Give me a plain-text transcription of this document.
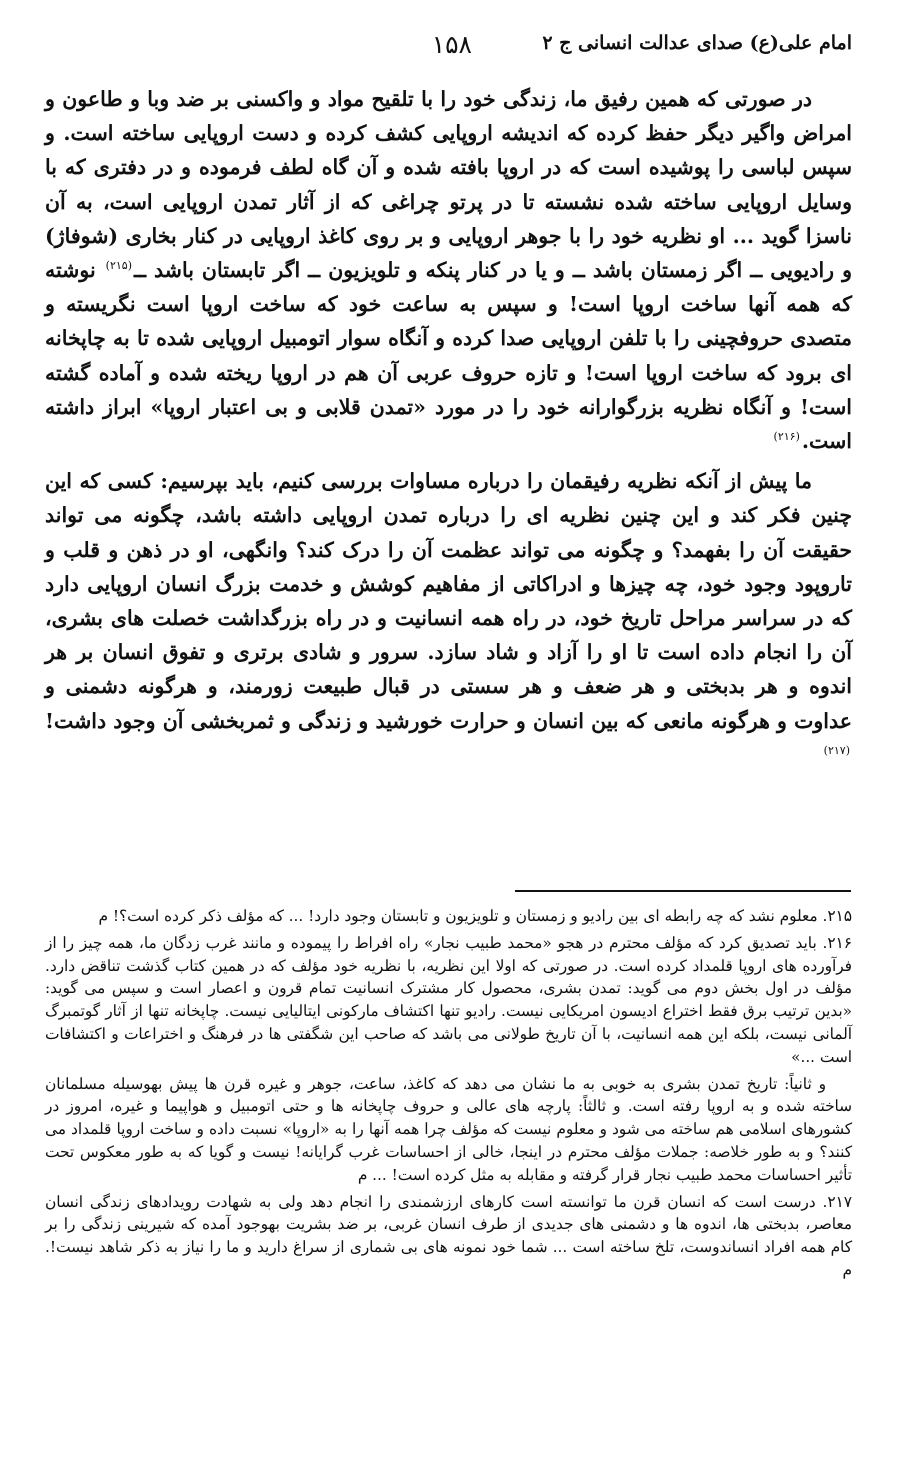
امام علی(ع) صدای عدالت انسانی ج ۲
۱۵۸

در صورتی که همین رفیق ما، زندگی خود را با تلقیح مواد و واکسنی بر ضد وبا و طاعون و امراض واگیر دیگر حفظ کرده که اندیشه اروپایی کشف کرده و دست اروپایی ساخته است. و سپس لباسی را پوشیده است که در اروپا بافته شده و آن گاه لطف فرموده و در دفتری که با وسایل اروپایی ساخته شده نشسته تا در پرتو چراغی که از آثار تمدن اروپایی است، به آن ناسزا گوید ... او نظریه خود را با جوهر اروپایی و بر روی کاغذ اروپایی در کنار بخاری (شوفاژ) و رادیویی ــ اگر زمستان باشد ــ و یا در کنار پنکه و تلویزیون ــ اگر تابستان باشد ــ$^{(۲۱۵)}$ نوشته که همه آنها ساخت اروپا است! و سپس به ساعت خود که ساخت اروپا است نگریسته و متصدی حروفچینی را با تلفن اروپایی صدا کرده و آنگاه سوار اتومبیل اروپایی شده تا به چاپخانه ای برود که ساخت اروپا است! و تازه حروف عربی آن هم در اروپا ریخته شده و آماده گشته است! و آنگاه نظریه بزرگوارانه خود را در مورد «تمدن قلابی و بی اعتبار اروپا» ابراز داشته است.$^{(۲۱۶)}$

ما پیش از آنکه نظریه رفیقمان را درباره مساوات بررسی کنیم، باید بپرسیم: کسی که این چنین فکر کند و این چنین نظریه ای را درباره تمدن اروپایی داشته باشد، چگونه می تواند حقیقت آن را بفهمد؟ و چگونه می تواند عظمت آن را درک کند؟ وانگهی، او در ذهن و قلب و تاروپود وجود خود، چه چیزها و ادراکاتی از مفاهیم کوشش و خدمت بزرگ انسان اروپایی دارد که در سراسر مراحل تاریخ خود، در راه همه انسانیت و در راه بزرگداشت خصلت های بشری، آن را انجام داده است تا او را آزاد و شاد سازد. سرور و شادی برتری و تفوق انسان بر هر اندوه و هر بدبختی و هر ضعف و هر سستی در قبال طبیعت زورمند، و هرگونه دشمنی و عداوت و هرگونه مانعی که بین انسان و حرارت خورشید و زندگی و ثمربخشی آن وجود داشت!$^{(۲۱۷)}$

۲۱۵. معلوم نشد که چه رابطه ای بین رادیو و زمستان و تلویزیون و تابستان وجود دارد! ... که مؤلف ذکر کرده است؟! م

۲۱۶. باید تصدیق کرد که مؤلف محترم در هجو «محمد طبیب نجار» راه افراط را پیموده و مانند غرب زدگان ما، همه چیز را از فرآورده های اروپا قلمداد کرده است. در صورتی که اولا این نظریه، با نظریه خود مؤلف که در همین کتاب گذشت تناقض دارد. مؤلف در اول بخش دوم می گوید: تمدن بشری، محصول کار مشترک انسانیت تمام قرون و اعصار است و سپس می گوید: «بدین ترتیب برق فقط اختراع ادیسون امریکایی نیست. رادیو تنها اکتشاف مارکونی ایتالیایی نیست. چاپخانه تنها از آثار گوتمبرگ آلمانی نیست، بلکه این همه انسانیت، با آن تاریخ طولانی می باشد که صاحب این شگفتی ها در فرهنگ و اختراعات و اکتشافات است ...»

و ثانیاً: تاریخ تمدن بشری به خوبی به ما نشان می دهد که کاغذ، ساعت، جوهر و غیره قرن ها پیش بهوسیله مسلمانان ساخته شده و به اروپا رفته است. و ثالثاً: پارچه های عالی و حروف چاپخانه ها و حتی اتومبیل و هواپیما و غیره، امروز در کشورهای اسلامی هم ساخته می شود و معلوم نیست که مؤلف چرا همه آنها را به «اروپا» نسبت داده و ساخت اروپا قلمداد می کنند؟ و به طور خلاصه: جملات مؤلف محترم در اینجا، خالی از احساسات غرب گرایانه! نیست و گویا که به طور معکوس تحت تأثیر احساسات محمد طبیب نجار قرار گرفته و مقابله به مثل کرده است! ... م

۲۱۷. درست است که انسان قرن ما توانسته است کارهای ارزشمندی را انجام دهد ولی به شهادت رویدادهای زندگی انسان معاصر، بدبختی ها، اندوه ها و دشمنی های جدیدی از طرف انسان غربی، بر ضد بشریت بهوجود آمده که شیرینی زندگی را بر کام همه افراد انساندوست، تلخ ساخته است ... شما خود نمونه های بی شماری از سراغ دارید و ما را نیاز به ذکر شاهد نیست!. م
